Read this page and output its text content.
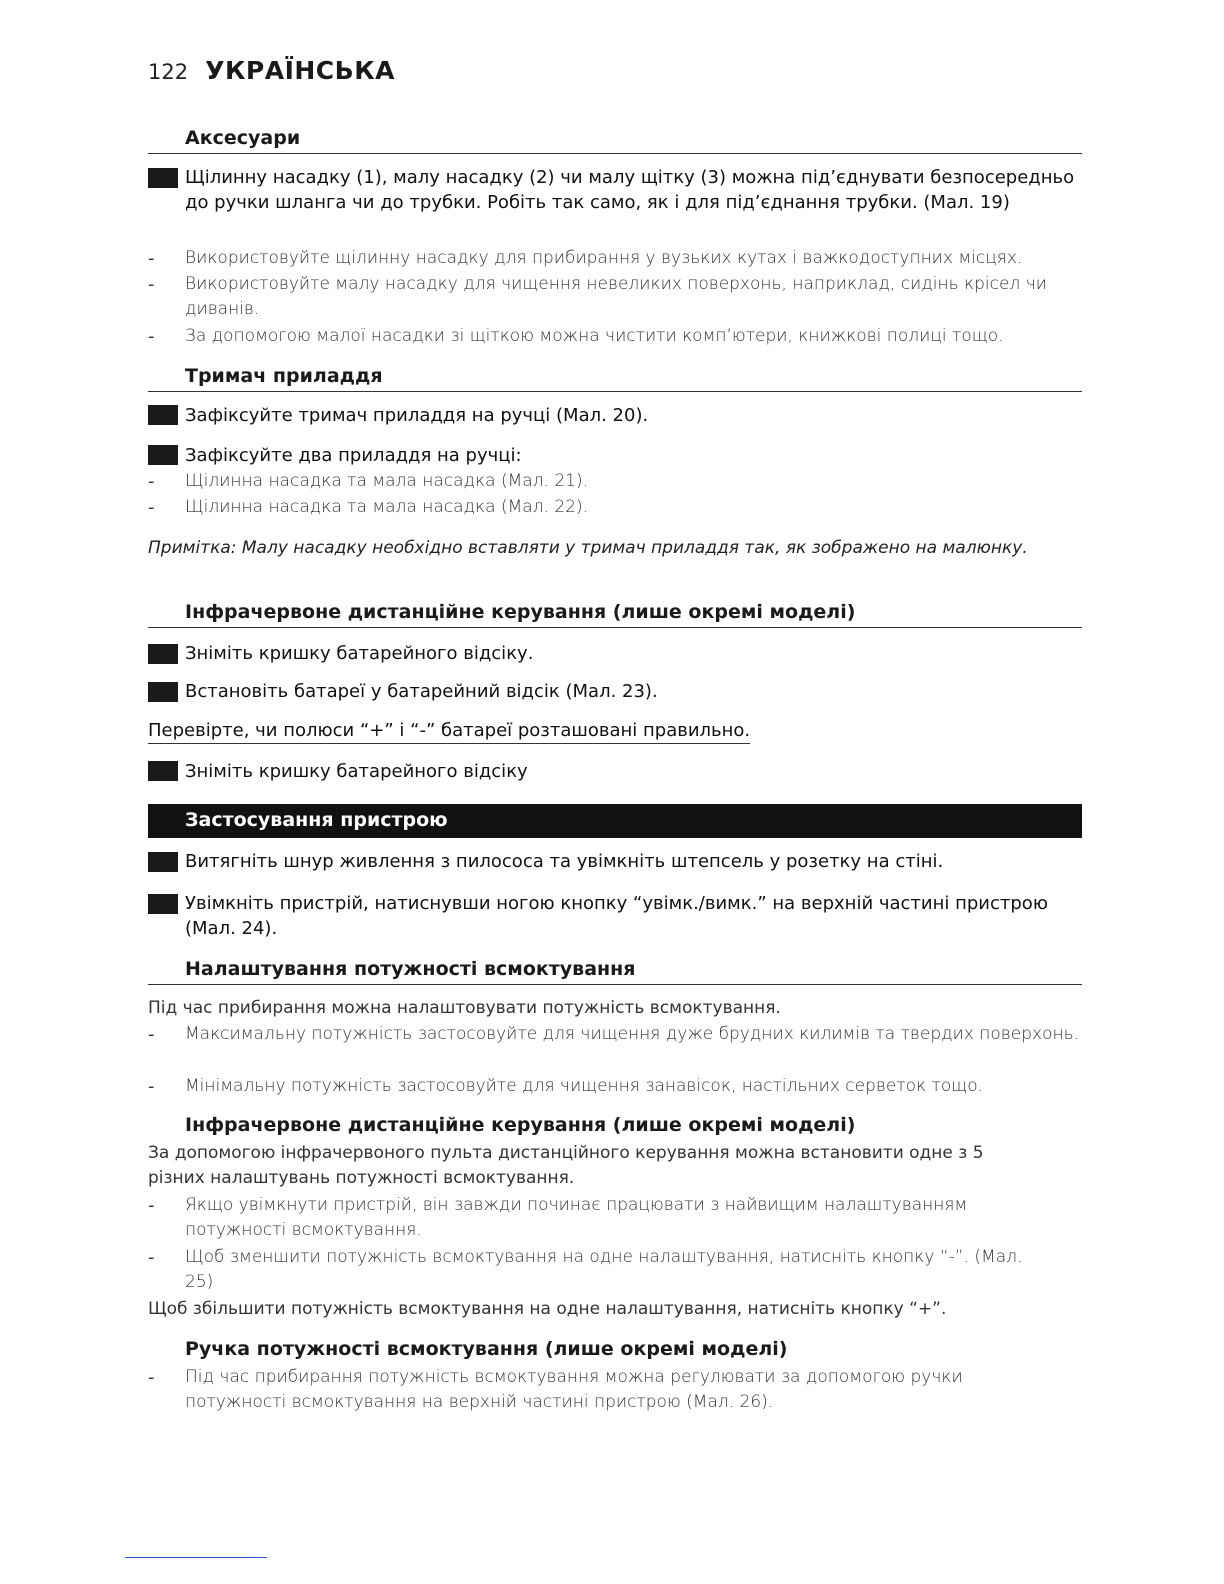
122 УКРАЇНСЬКА
Аксесуари
Щілинну насадку (1), малу насадку (2) чи малу щітку (3) можна під’єднувати безпосередньо до ручки шланга чи до трубки. Робіть так само, як і для під’єднання трубки. (Мал. 19)
- Використовуйте щілинну насадку для прибирання у вузьких кутах і важкодоступних місцях.
- Використовуйте малу насадку для чищення невеликих поверхонь, наприклад, сидінь крісел чи диванів.
- За допомогою малої насадки зі щіткою можна чистити комп’ютери, книжкові полиці тощо.
Тримач приладдя
Зафіксуйте тримач приладдя на ручці (Мал. 20).
Зафіксуйте два приладдя на ручці:
- Щілинна насадка та мала насадка (Мал. 21).
- Щілинна насадка та мала насадка (Мал. 22).
Примітка: Малу насадку необхідно вставляти у тримач приладдя так, як зображено на малюнку.
Інфрачервоне дистанційне керування (лише окремі моделі)
Зніміть кришку батарейного відсіку.
Встановіть батареї у батарейний відсік (Мал. 23).
Перевірте, чи полюси “+” і “-” батареї розташовані правильно.
Зніміть кришку батарейного відсіку
Застосування пристрою
Витягніть шнур живлення з пилососа та увімкніть штепсель у розетку на стіні.
Увімкніть пристрій, натиснувши ногою кнопку “увімк./вимк.” на верхній частині пристрою (Мал. 24).
Налаштування потужності всмоктування
Під час прибирання можна налаштовувати потужність всмоктування.
- Максимальну потужність застосовуйте для чищення дуже брудних килимів та твердих поверхонь.
- Мінімальну потужність застосовуйте для чищення занавісок, настільних серветок тощо.
Інфрачервоне дистанційне керування (лише окремі моделі)
За допомогою інфрачервоного пульта дистанційного керування можна встановити одне з 5 різних налаштувань потужності всмоктування.
- Якщо увімкнути пристрій, він завжди починає працювати з найвищим налаштуванням потужності всмоктування.
- Щоб зменшити потужність всмоктування на одне налаштування, натисніть кнопку “-”. (Мал. 25)
Щоб збільшити потужність всмоктування на одне налаштування, натисніть кнопку “+”.
Ручка потужності всмоктування (лише окремі моделі)
- Під час прибирання потужність всмоктування можна регулювати за допомогою ручки потужності всмоктування на верхній частині пристрою (Мал. 26).
